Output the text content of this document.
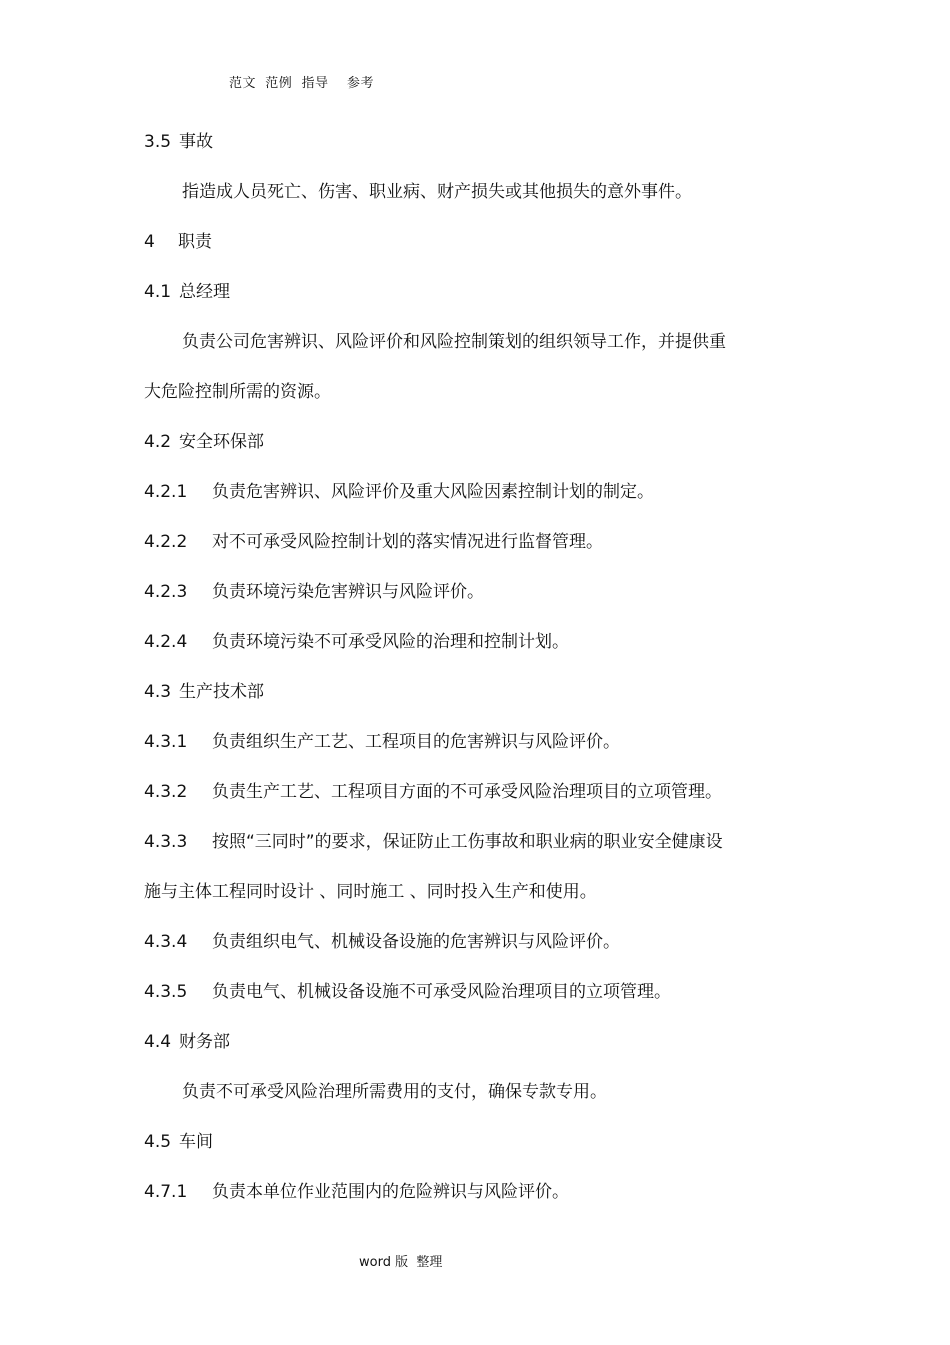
范文  范例  指导    参考
3.5 事故
指造成人员死亡、伤害、职业病、财产损失或其他损失的意外事件。
4 职责
4.1 总经理
负责公司危害辨识、风险评价和风险控制策划的组织领导工作，并提供重
大危险控制所需的资源。
4.2 安全环保部
4.2.1 负责危害辨识、风险评价及重大风险因素控制计划的制定。
4.2.2 对不可承受风险控制计划的落实情况进行监督管理。
4.2.3 负责环境污染危害辨识与风险评价。
4.2.4 负责环境污染不可承受风险的治理和控制计划。
4.3 生产技术部
4.3.1 负责组织生产工艺、工程项目的危害辨识与风险评价。
4.3.2 负责生产工艺、工程项目方面的不可承受风险治理项目的立项管理。
4.3.3 按照“三同时”的要求，保证防止工伤事故和职业病的职业安全健康设
施与主体工程同时设计 、同时施工 、同时投入生产和使用。
4.3.4 负责组织电气、机械设备设施的危害辨识与风险评价。
4.3.5 负责电气、机械设备设施不可承受风险治理项目的立项管理。
4.4 财务部
负责不可承受风险治理所需费用的支付，确保专款专用。
4.5 车间
4.7.1 负责本单位作业范围内的危险辨识与风险评价。
word 版  整理
